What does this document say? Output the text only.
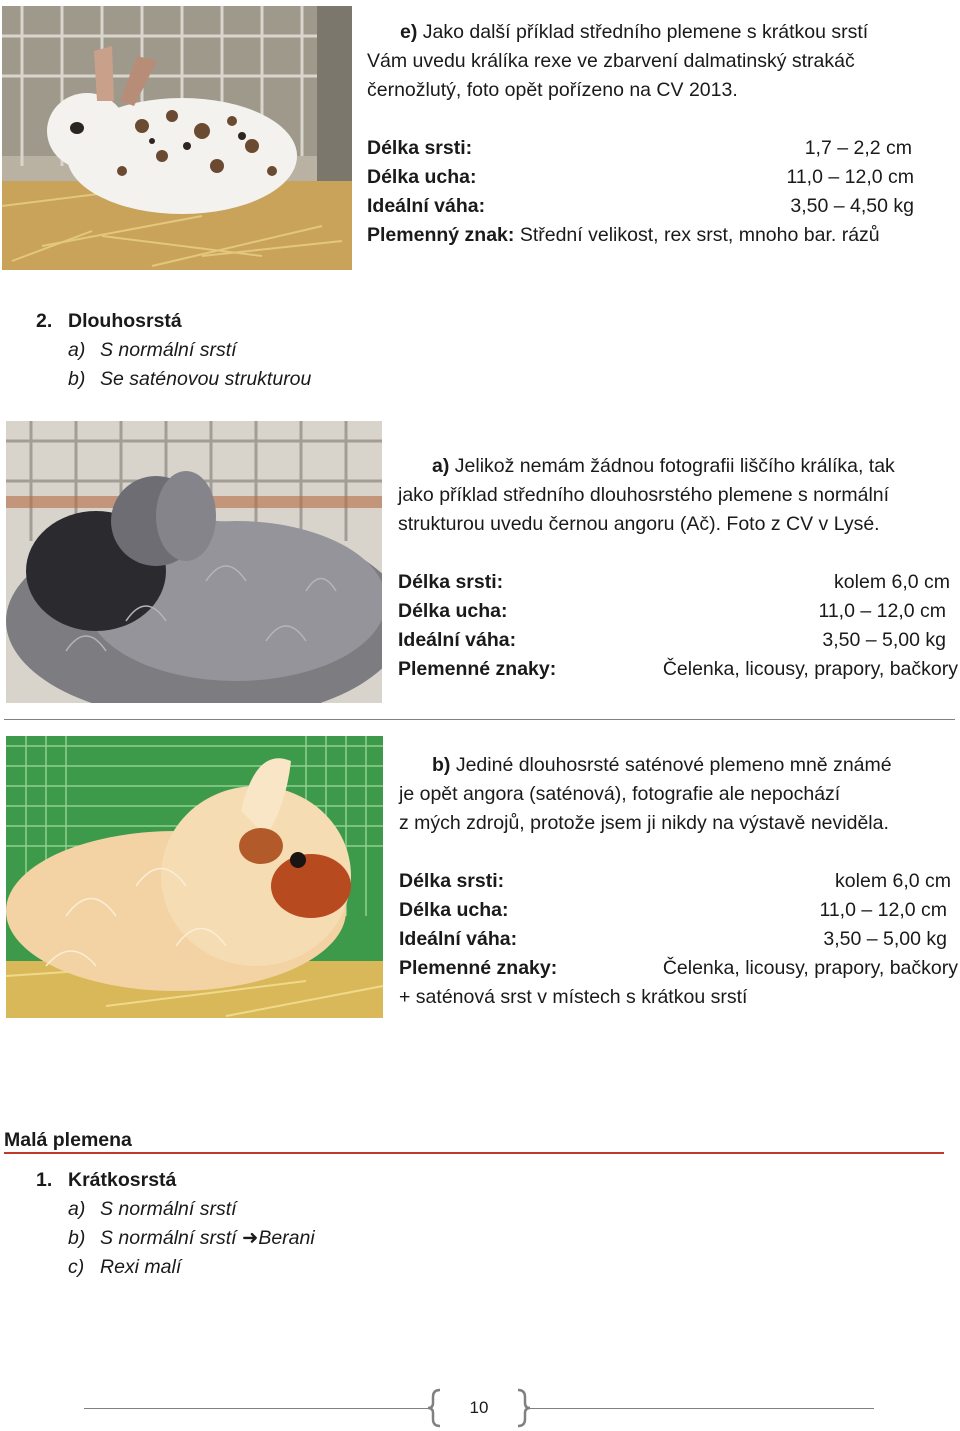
e) Jako další příklad středního plemene s krátkou srstí
Vám uvedu králíka rexe ve zbarvení dalmatinský strakáč
černožlutý, foto opět pořízeno na CV 2013.
Délka srsti:	1,7 – 2,2 cm
Délka ucha:	11,0 – 12,0 cm
Ideální váha:	3,50 – 4,50 kg
Plemenný znak: Střední velikost, rex srst, mnoho bar. rázů
2. Dlouhosrstá
a) S normální srstí
b) Se saténovou strukturou
a) Jelikož nemám žádnou fotografii liščího králíka, tak
jako příklad středního dlouhosrstého plemene s normální
strukturou uvedu černou angoru (Ač). Foto z CV v Lysé.
Délka srsti:	kolem 6,0 cm
Délka ucha:	11,0 – 12,0 cm
Ideální váha:	3,50 – 5,00 kg
Plemenné znaky:	Čelenka, licousy, prapory, bačkory
b) Jediné dlouhosrsté saténové plemeno mně známé
je opět angora (saténová), fotografie ale nepochází
z mých zdrojů, protože jsem ji nikdy na výstavě neviděla.
Délka srsti:	kolem 6,0 cm
Délka ucha:	11,0 – 12,0 cm
Ideální váha:	3,50 – 5,00 kg
Plemenné znaky:	Čelenka, licousy, prapory, bačkory
+ saténová srst v místech s krátkou srstí
Malá plemena
1. Krátkosrstá
a) S normální srstí
b) S normální srstí ➜Berani
c) Rexi malí
10
